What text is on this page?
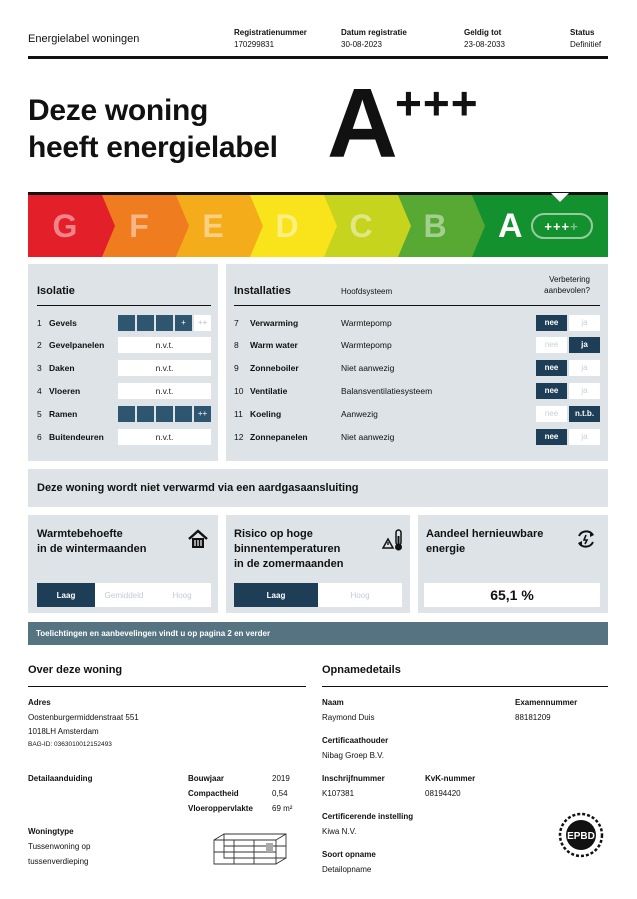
Energielabel woningen
Registratienummer
170299831
Datum registratie
30-08-2023
Geldig tot
23-08-2033
Status
Definitief
Deze woning
heeft energielabel A
+++
G F E D C B A +++ +
Isolatie
1 Gevels	+	++
2 Gevelpanelen	n.v.t.
3 Daken	n.v.t.
4 Vloeren	n.v.t.
5 Ramen	++
6 Buitendeuren	n.v.t.
Installaties	Hoofdsysteem
Verbetering
aanbevolen?
7	Verwarming	Warmtepomp	nee	ja
8	Warm water	Warmtepomp	nee	ja
9	Zonneboiler	Niet aanwezig	nee	ja
10 Ventilatie	Balansventilatiesysteem	nee	ja
11 Koeling	Aanwezig	nee	n.t.b.
12 Zonnepanelen	Niet aanwezig	nee	ja
Deze woning wordt niet verwarmd via een aardgasaansluiting
Warmtebehoefte
in de wintermaanden
Laag	Gemiddeld	Hoog
Risico op hoge
binnentemperaturen
in de zomermaanden
Laag	Hoog
Aandeel hernieuwbare
energie
65,1 %
Toelichtingen en aanbevelingen vindt u op pagina 2 en verder
Over deze woning
Adres
Oostenburgermiddenstraat 551
1018LH Amsterdam
BAG-ID: 0363010012152493
Detailaanduiding	Bouwjaar	2019
Compactheid	0,54
Vloeroppervlakte 69 m²
Woningtype
Tussenwoning op
tussenverdieping
Opnamedetails
Naam
Raymond Duis
Examennummer
88181209
Certificaathouder
Nibag Groep B.V.
Inschrijfnummer
K107381
KvK-nummer
08194420
Certificerende instelling
Kiwa N.V.
Soort opname
Detailopname
EPBD
